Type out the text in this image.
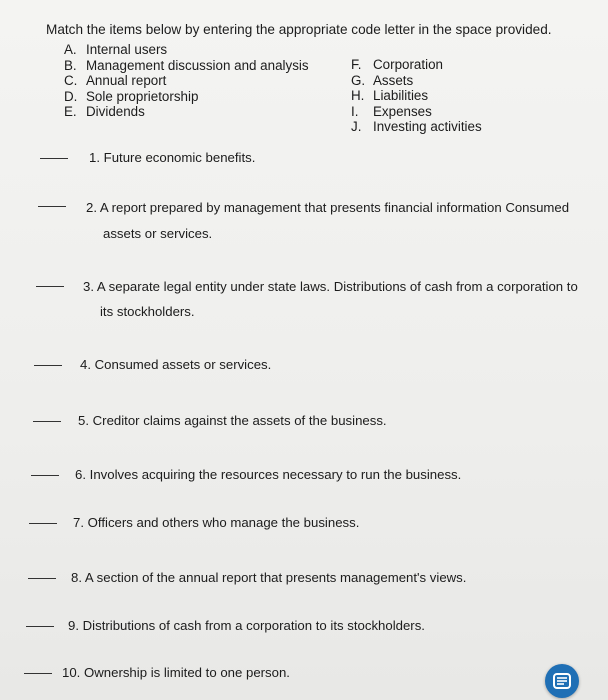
Match the items below by entering the appropriate code letter in the space provided.
A. Internal users
B. Management discussion and analysis
C. Annual report
D. Sole proprietorship
E. Dividends
F. Corporation
G. Assets
H. Liabilities
I. Expenses
J. Investing activities
1. Future economic benefits.
2. A report prepared by management that presents financial information Consumed
assets or services.
3. A separate legal entity under state laws. Distributions of cash from a corporation to
its stockholders.
4. Consumed assets or services.
5. Creditor claims against the assets of the business.
6. Involves acquiring the resources necessary to run the business.
7. Officers and others who manage the business.
8. A section of the annual report that presents management's views.
9. Distributions of cash from a corporation to its stockholders.
10. Ownership is limited to one person.
